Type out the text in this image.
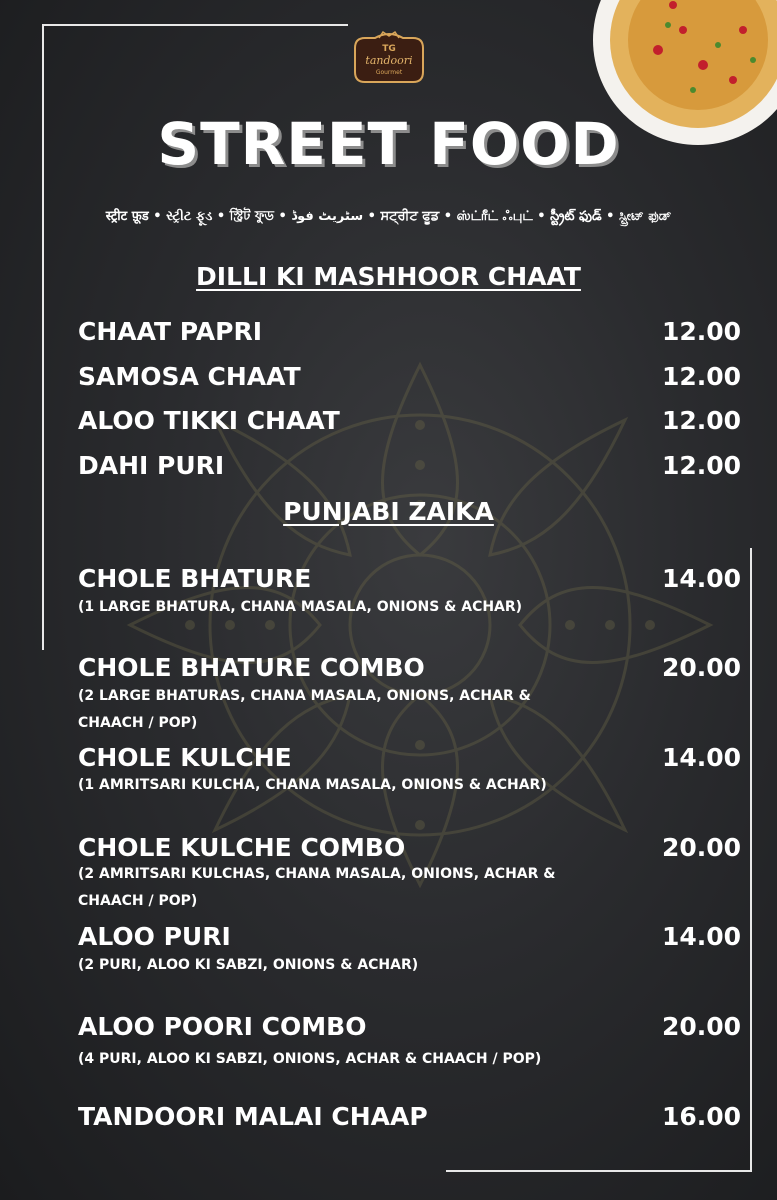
TG
tandoori
Gourmet
STREET FOOD
स्ट्रीट फ़ूड • સ્ટ્રીટ ફૂડ • স্ট্রিট ফুড • سٹریٹ فوڈ • ਸਟ੍ਰੀਟ ਫੂਡ • ஸ்ட்ரீட் ஃபுட் • స్ట్రీట్ ఫుడ్ • ಸ್ಟ್ರೀಟ್ ಫುಡ್
DILLI KI MASHHOOR CHAAT
CHAAT PAPRI	12.00
SAMOSA CHAAT	12.00
ALOO TIKKI CHAAT	12.00
DAHI PURI	12.00
PUNJABI ZAIKA
CHOLE BHATURE	14.00
(1 LARGE BHATURA, CHANA MASALA, ONIONS & ACHAR)
CHOLE BHATURE COMBO	20.00
(2 LARGE BHATURAS, CHANA MASALA, ONIONS, ACHAR & CHAACH / POP)
CHOLE KULCHE	14.00
(1 AMRITSARI KULCHA, CHANA MASALA, ONIONS & ACHAR)
CHOLE KULCHE COMBO	20.00
(2 AMRITSARI KULCHAS, CHANA MASALA, ONIONS, ACHAR & CHAACH / POP)
ALOO PURI	14.00
(2 PURI, ALOO KI SABZI, ONIONS & ACHAR)
ALOO POORI COMBO	20.00
(4 PURI, ALOO KI SABZI, ONIONS, ACHAR & CHAACH / POP)
TANDOORI MALAI CHAAP	16.00
